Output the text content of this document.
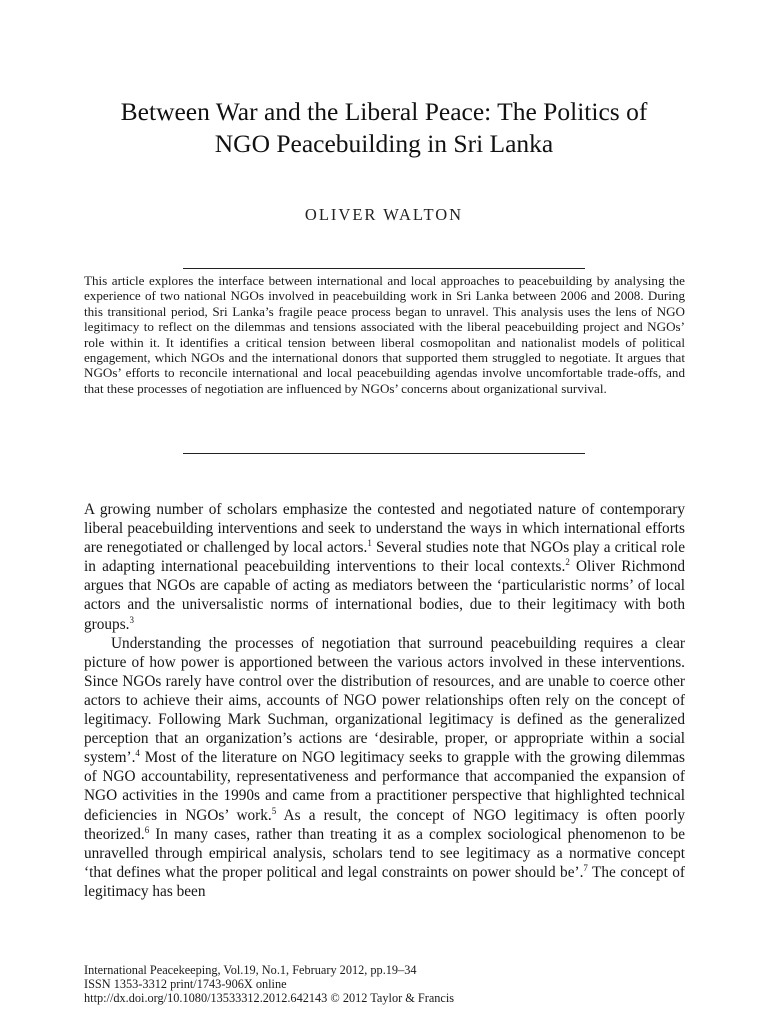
Between War and the Liberal Peace: The Politics of
NGO Peacebuilding in Sri Lanka
OLIVER WALTON
This article explores the interface between international and local approaches to peacebuilding by analysing the experience of two national NGOs involved in peacebuilding work in Sri Lanka between 2006 and 2008. During this transitional period, Sri Lanka’s fragile peace process began to unravel. This analysis uses the lens of NGO legitimacy to reflect on the dilemmas and tensions associated with the liberal peacebuilding project and NGOs’ role within it. It identifies a critical tension between liberal cosmopolitan and nationalist models of political engagement, which NGOs and the international donors that supported them struggled to negotiate. It argues that NGOs’ efforts to reconcile international and local peacebuilding agendas involve uncomfortable trade-offs, and that these processes of negotiation are influenced by NGOs’ concerns about organizational survival.

A growing number of scholars emphasize the contested and negotiated nature of contemporary liberal peacebuilding interventions and seek to understand the ways in which international efforts are renegotiated or challenged by local actors.$^1$ Several studies note that NGOs play a critical role in adapting international peacebuilding interventions to their local contexts.$^2$ Oliver Richmond argues that NGOs are capable of acting as mediators between the ‘particularistic norms’ of local actors and the universalistic norms of international bodies, due to their legitimacy with both groups.$^3$

Understanding the processes of negotiation that surround peacebuilding requires a clear picture of how power is apportioned between the various actors involved in these interventions. Since NGOs rarely have control over the distribution of resources, and are unable to coerce other actors to achieve their aims, accounts of NGO power relationships often rely on the concept of legitimacy. Following Mark Suchman, organizational legitimacy is defined as the generalized perception that an organization’s actions are ‘desirable, proper, or appropriate within a social system’.$^4$ Most of the literature on NGO legitimacy seeks to grapple with the growing dilemmas of NGO accountability, representativeness and performance that accompanied the expansion of NGO activities in the 1990s and came from a practitioner perspective that highlighted technical deficiencies in NGOs’ work.$^5$ As a result, the concept of NGO legitimacy is often poorly theorized.$^6$ In many cases, rather than treating it as a complex sociological phenomenon to be unravelled through empirical analysis, scholars tend to see legitimacy as a normative concept ‘that defines what the proper political and legal constraints on power should be’.$^7$ The concept of legitimacy has been

International Peacekeeping, Vol.19, No.1, February 2012, pp.19–34
ISSN 1353-3312 print/1743-906X online
http://dx.doi.org/10.1080/13533312.2012.642143 © 2012 Taylor & Francis
